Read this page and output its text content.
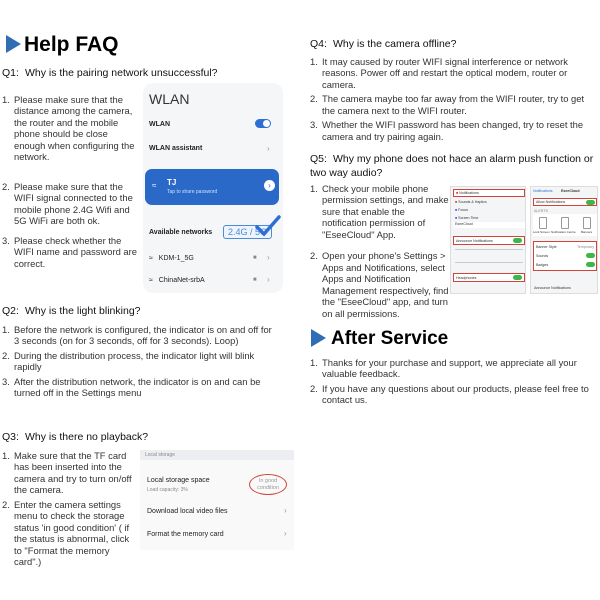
Help FAQ
Q1: Why is the pairing network unsuccessful?
1. Please make sure that the distance among the camera, the router and the mobile phone should be close enough when configuring the network.
2. Please make sure that the WIFI signal connected to the mobile phone 2.4G Wifi and 5G WiFi are both ok.
3. Please check whether the WIFI name and password are correct.
WLAN
WLAN
WLAN assistant	›
≈ TJ
Tap to share password
›
Available networks	2.4G / 5G
≈ KDM-1_5G	■ ›
≈ ChinaNet-srbA	■ ›
Q2: Why is the light blinking?
1. Before the network is configured, the indicator is on and off for 3 seconds (on for 3 seconds, off for 3 seconds). Loop)
2. During the distribution process, the indicator light will blink rapidly
3. After the distribution network, the indicator is on and can be turned off in the Settings menu
Q3: Why is there no playback?
1. Make sure that the TF card has been inserted into the camera and try to turn on/off the camera.
2. Enter the camera settings menu to check the storage status 'in good condition' ( if the status is abnormal, click to "Format the memory card".)
Local storage
Local storage space
Load capacity: 3%
In good condition
Download local video files	›
Format the memory card	›
Q4: Why is the camera offline?
1. It may caused by router WIFI signal interference or network reasons. Power off and restart the optical modem, router or camera.
2. The camera maybe too far away from the WIFI router, try to get the camera next to the WIFI router.
3. Whether the WIFI password has been changed, try to reset the camera and try pairing again.
Q5: Why my phone does not hace an alarm push function or two way audio?
1. Check your mobile phone permission settings, and make sure that enable the notification permission of "EseeCloud" App.
2. Open your phone's Settings > Apps and Notifications, select Apps and Notification Management respectively, find the "EseeCloud" app, and turn on all permissions.
■ Notifications
■ Sounds & Haptics
■ Focus
■ Screen Time
EseeCloud
Announce Notifications
Headphones
Notifications EseeCloud
Allow Notifications
ALERTS
Lock Screen Notification Centre Banners
Banner Style	Temporary
Sounds
Badges
Announce Notifications
After Service
1. Thanks for your purchase and support, we appreciate all your valuable feedback.
2. If you have any questions about our products, please feel free to contact us.
